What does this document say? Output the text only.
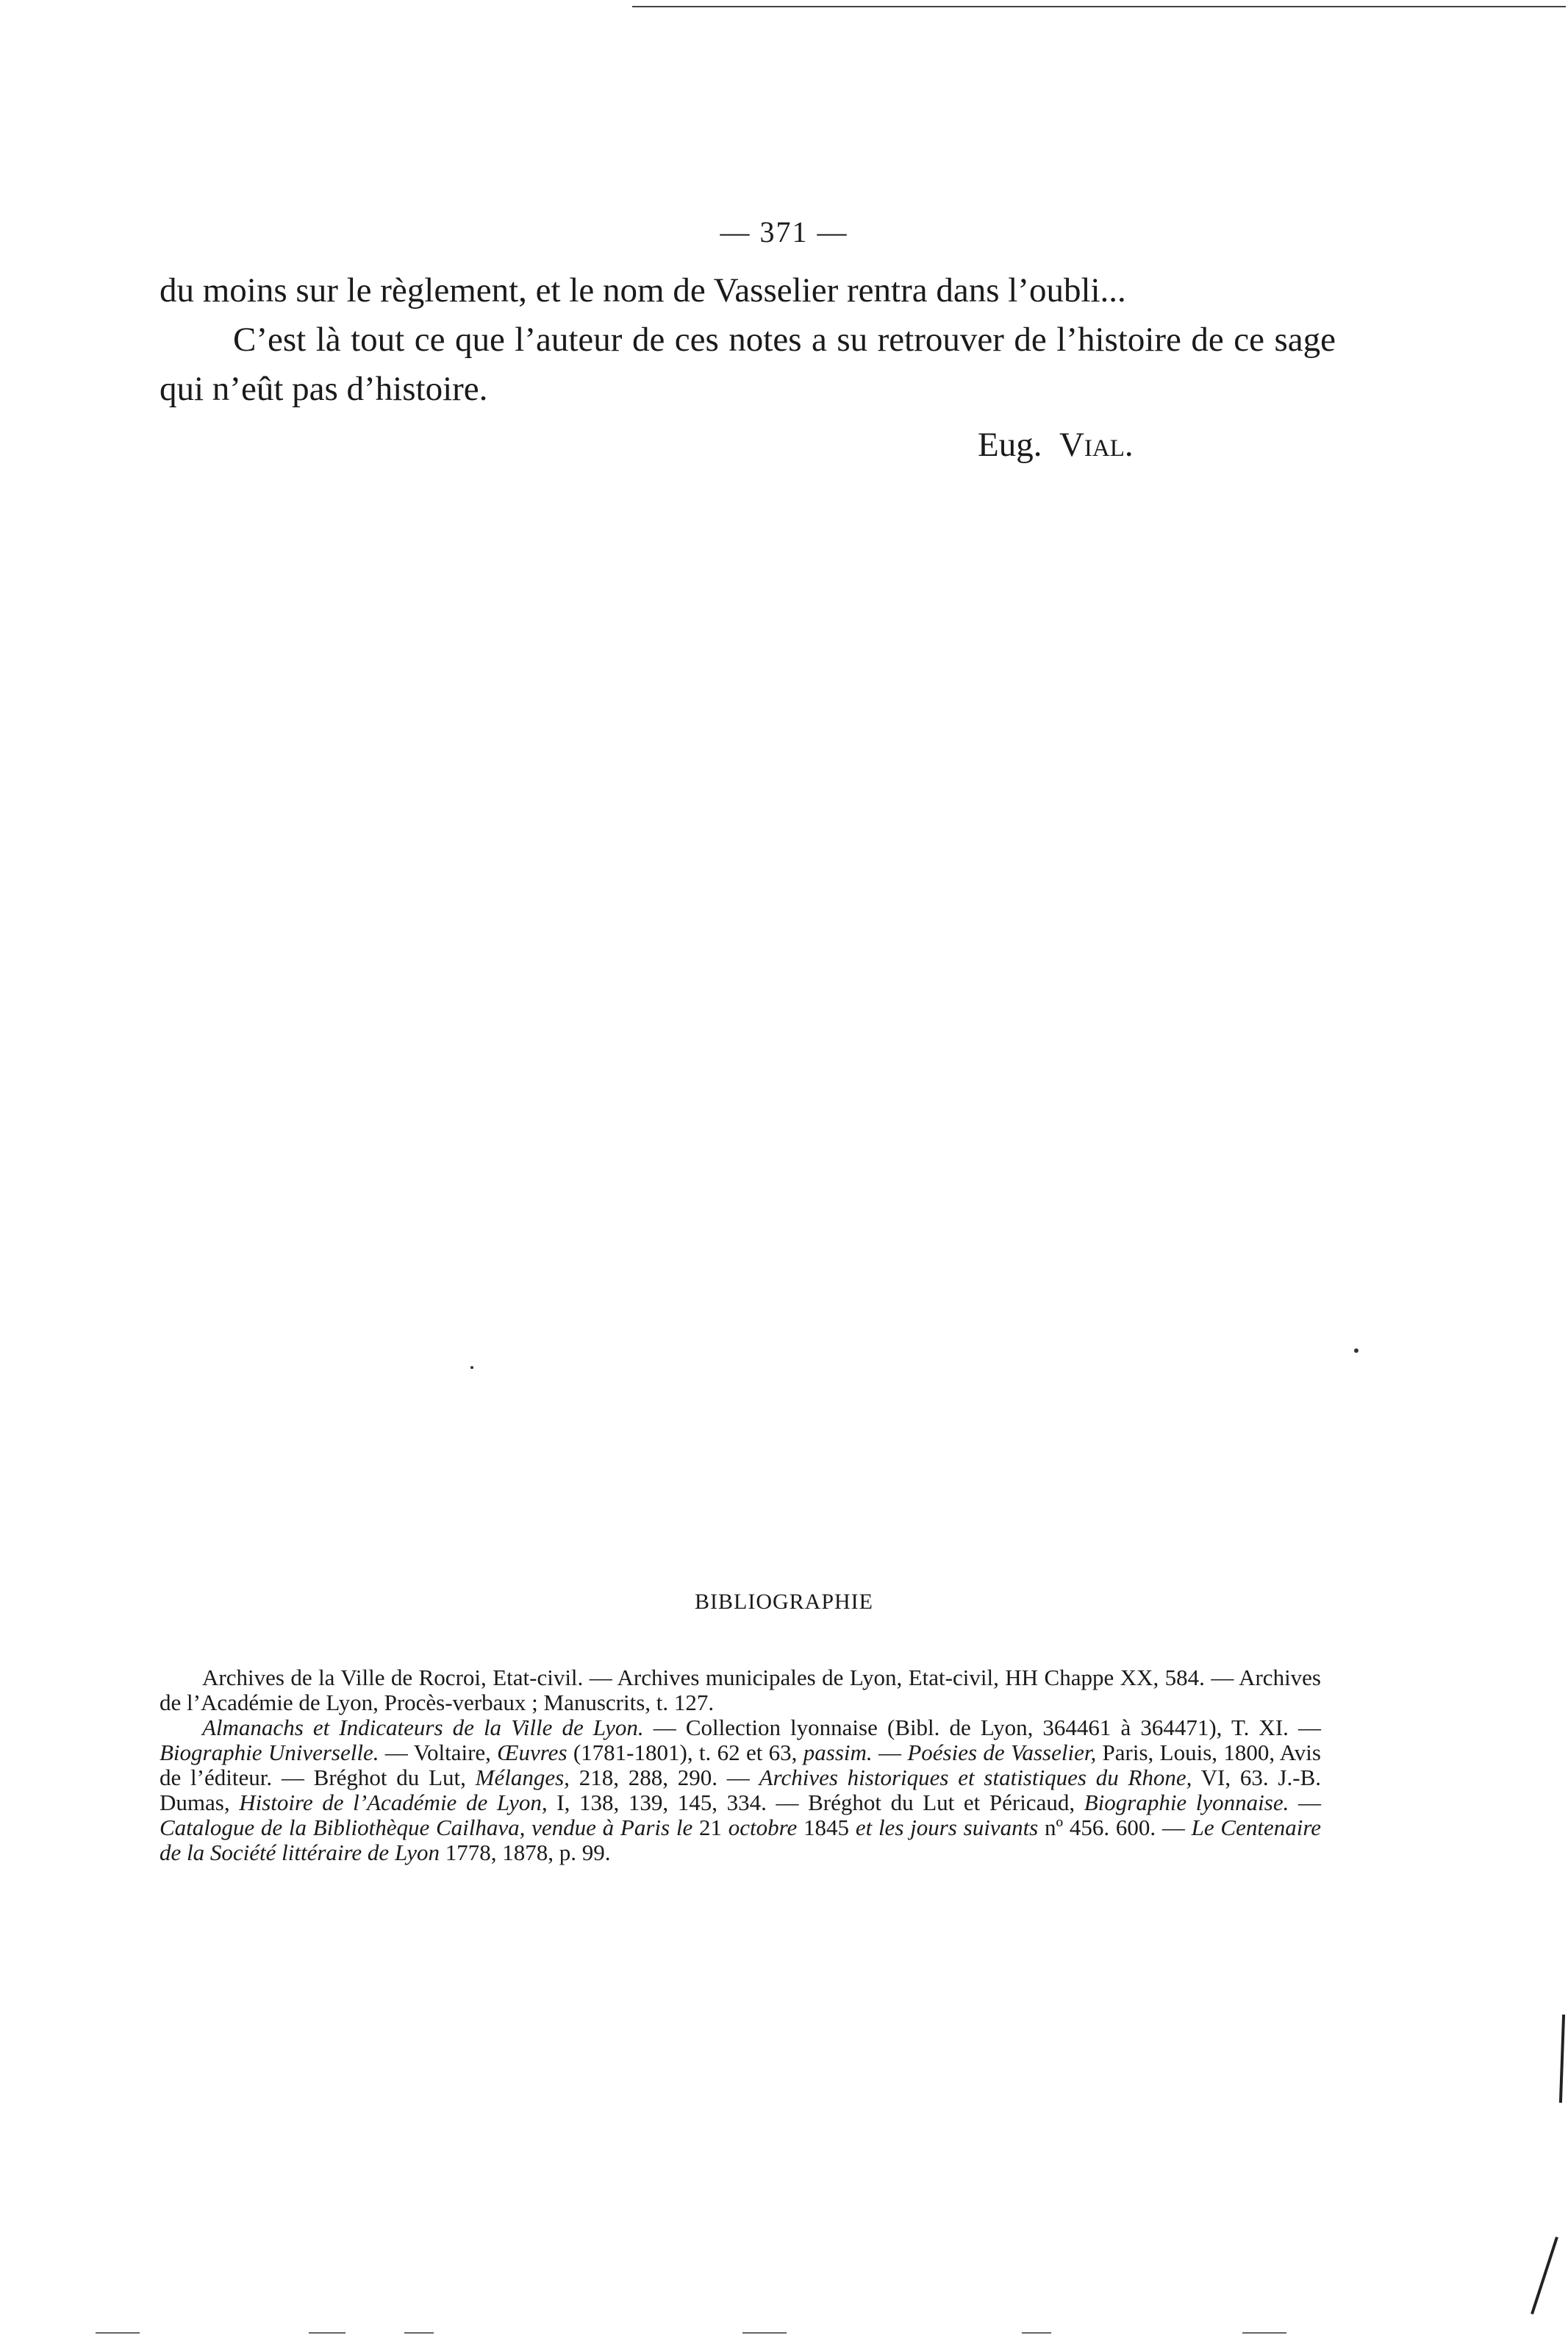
— 371 —

du moins sur le règlement, et le nom de Vasselier rentra dans l’oubli...

C’est là tout ce que l’auteur de ces notes a su retrouver de l’histoire de ce sage qui n’eût pas d’histoire.

Eug. Vial.
BIBLIOGRAPHIE

Archives de la Ville de Rocroi, Etat-civil. — Archives municipales de Lyon, Etat-civil, HH Chappe XX, 584. — Archives de l’Académie de Lyon, Procès-verbaux ; Manuscrits, t. 127.

Almanachs et Indicateurs de la Ville de Lyon. — Collection lyonnaise (Bibl. de Lyon, 364461 à 364471), T. XI. — Biographie Universelle. — Voltaire, Œuvres (1781-1801), t. 62 et 63, passim. — Poésies de Vasselier, Paris, Louis, 1800, Avis de l’éditeur. — Bréghot du Lut, Mélanges, 218, 288, 290. — Archives historiques et statistiques du Rhone, VI, 63. J.-B. Dumas, Histoire de l’Académie de Lyon, I, 138, 139, 145, 334. — Bréghot du Lut et Péricaud, Biographie lyonnaise. — Catalogue de la Bibliothèque Cailhava, vendue à Paris le 21 octobre 1845 et les jours suivants nº 456. 600. — Le Centenaire de la Société littéraire de Lyon 1778, 1878, p. 99.
